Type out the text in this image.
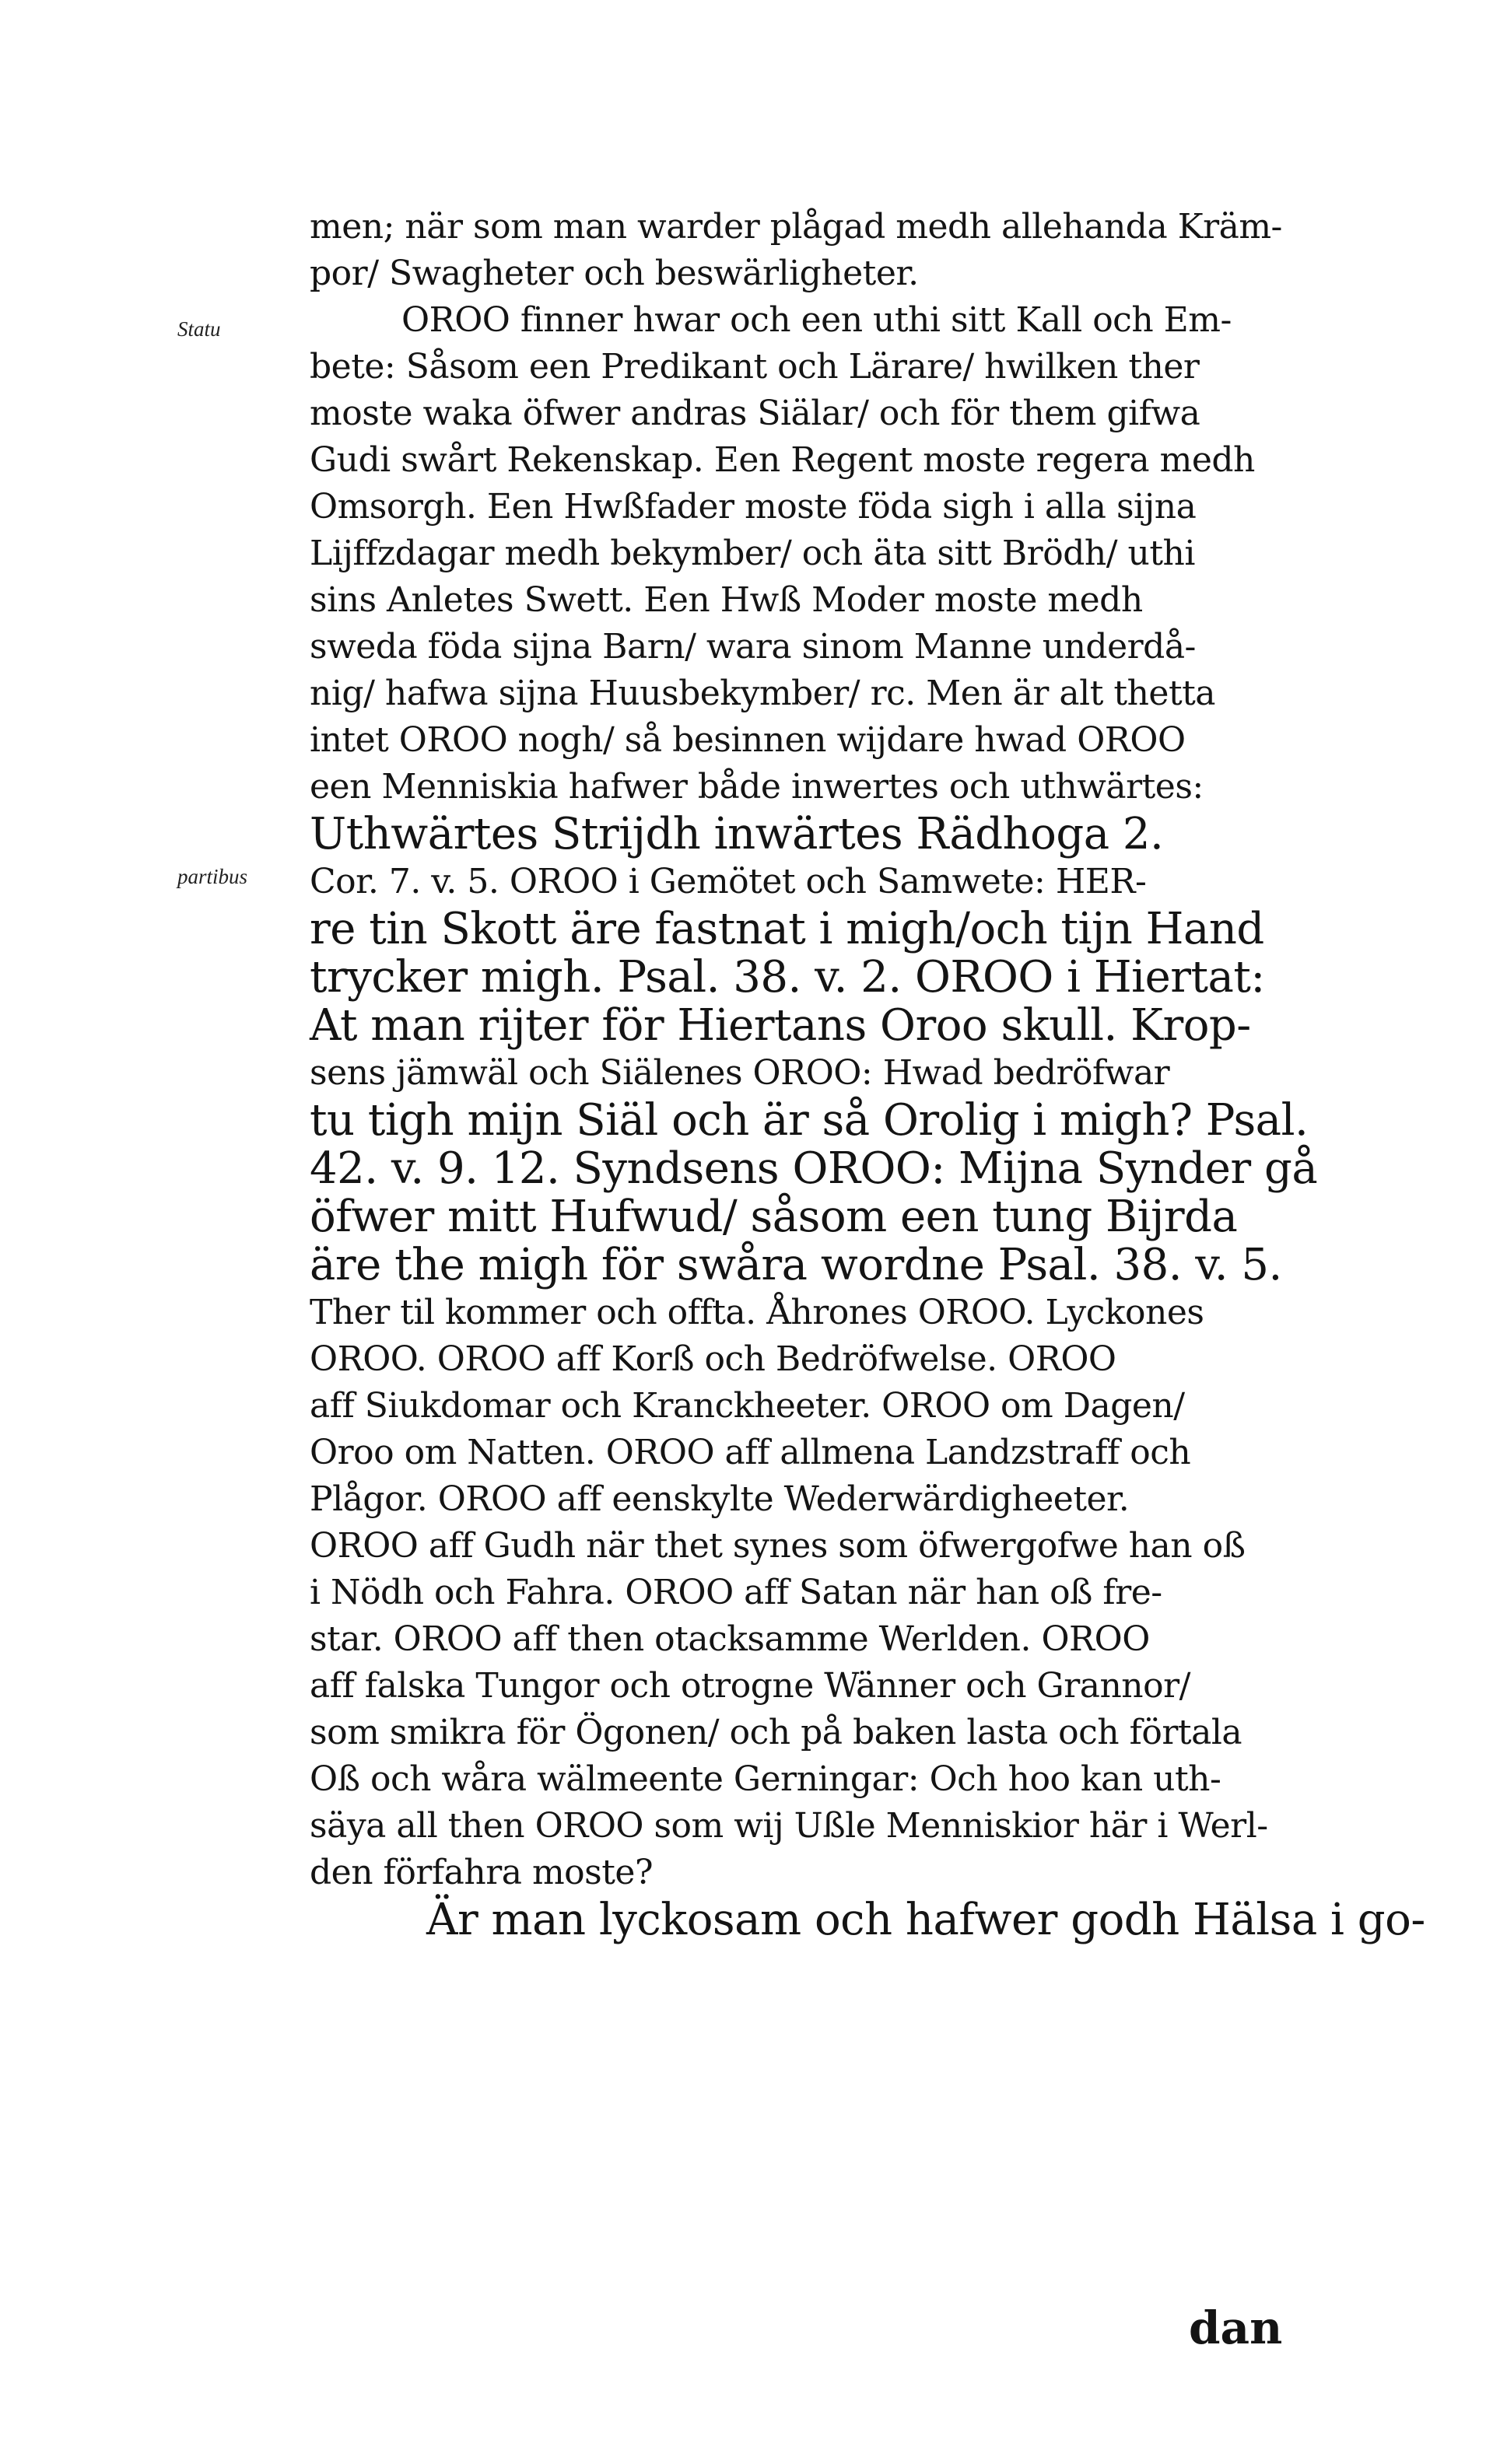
Statu
partibus
men; när som man warder plågad medh allehanda Kräm-
por/ Swagheter och beswärligheter.
OROO finner hwar och een uthi sitt Kall och Em-
bete: Såsom een Predikant och Lärare/ hwilken ther
moste waka öfwer andras Siälar/ och för them gifwa
Gudi swårt Rekenskap. Een Regent moste regera medh
Omsorgh. Een Hwßfader moste föda sigh i alla sijna
Lijffzdagar medh bekymber/ och äta sitt Brödh/ uthi
sins Anletes Swett. Een Hwß Moder moste medh
sweda föda sijna Barn/ wara sinom Manne underdå-
nig/ hafwa sijna Huusbekymber/ rc. Men är alt thetta
intet OROO nogh/ så besinnen wijdare hwad OROO
een Menniskia hafwer både inwertes och uthwärtes:
Uthwärtes Strijdh inwärtes Rädhoga 2.
Cor. 7. v. 5. OROO i Gemötet och Samwete: HER-
re tin Skott äre fastnat i migh/och tijn Hand
trycker migh. Psal. 38. v. 2. OROO i Hiertat:
At man rijter för Hiertans Oroo skull. Krop-
sens jämwäl och Siälenes OROO: Hwad bedröfwar
tu tigh mijn Siäl och är så Orolig i migh? Psal.
42. v. 9. 12. Syndsens OROO: Mijna Synder gå
öfwer mitt Hufwud/ såsom een tung Bijrda
äre the migh för swåra wordne Psal. 38. v. 5.
Ther til kommer och offta. Åhrones OROO. Lyckones
OROO. OROO aff Korß och Bedröfwelse. OROO
aff Siukdomar och Kranckheeter. OROO om Dagen/
Oroo om Natten. OROO aff allmena Landzstraff och
Plågor. OROO aff eenskylte Wederwärdigheeter.
OROO aff Gudh när thet synes som öfwergofwe han oß
i Nödh och Fahra. OROO aff Satan när han oß fre-
star. OROO aff then otacksamme Werlden. OROO
aff falska Tungor och otrogne Wänner och Grannor/
som smikra för Ögonen/ och på baken lasta och förtala
Oß och wåra wälmeente Gerningar: Och hoo kan uth-
säya all then OROO som wij Ußle Menniskior här i Werl-
den förfahra moste?
Är man lyckosam och hafwer godh Hälsa i go-
dan
